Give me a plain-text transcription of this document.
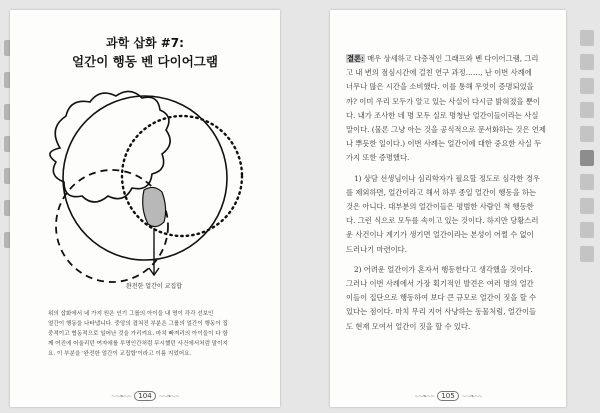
과학 삽화 #7:
얼간이 행동 벤 다이어그램
완전한 얼간이 교집합
위의 삽화에서 네 가지 원은 인기 그룹의 아이들 내 명이 각각 선보인
얼간이 행동을 나타냅니다. 중앙의 겹쳐진 부분은 그룹의 얼간이 행동이 집
중적이고 협동적으로 일어난 것을 가리켜요. 마치 빠져리의 아이들이 다 함
께 여진에 어울리던 여자애를 투명인간처럼 무시했던 사건에서처럼 말이지
요. 이 부분을 '완전한 얼간이 교집합'이라고 이름 지었어요.
~~❧~~ 104 ~~❧~~
결론: 매우 상세하고 다층적인 그래프와 벤 다이어그램, 그리
고 내 변의 점심시간에 걸친 연구 과정……, 난 이번 사례에
너무나 많은 시간을 소비했다. 이를 통해 무엇이 증명되었을
까? 이미 우리 모두가 알고 있는 사실이 다시금 밝혀졌을 뿐이
다. 내가 조사한 네 명 모두 실로 명청난 얼간이들이라는 사실
말이다. (물론 그냥 아는 것을 공식적으로 문서화하는 것은 언제
나 뿌듯한 일이다.) 이번 사례는 얼간이에 대한 중요한 사실 두
가지 또한 증명했다.
1) 상담 선생님이나 심리학자가 필요할 정도로 심각한 경우
를 제외하면, 얼간이라고 해서 하루 종일 얼간이 행동을 하는
것은 아니다. 대부분의 얼간이들은 평범한 사람인 척 행동한
다. 그런 식으로 모두를 속이고 있는 것이다. 하지만 당황스러
운 사건이나 계기가 생기면 얼간이라는 본성이 어쩔 수 없이
드러나기 마련이다.
2) 어려운 얼간이가 혼자서 행동한다고 생각했을 것이다.
그러나 이번 사례에서 가장 획기적인 발견은 여러 명의 얼간
이들이 집단으로 행동하여 보다 큰 규모로 얼간이 짓을 할 수
있다는 점이다. 마치 무리 지어 사냥하는 동물처럼, 얼간이들
도 현재 모여서 얼간이 짓을 할 수 있다.
~~❧~~ 105 ~~❧~~
